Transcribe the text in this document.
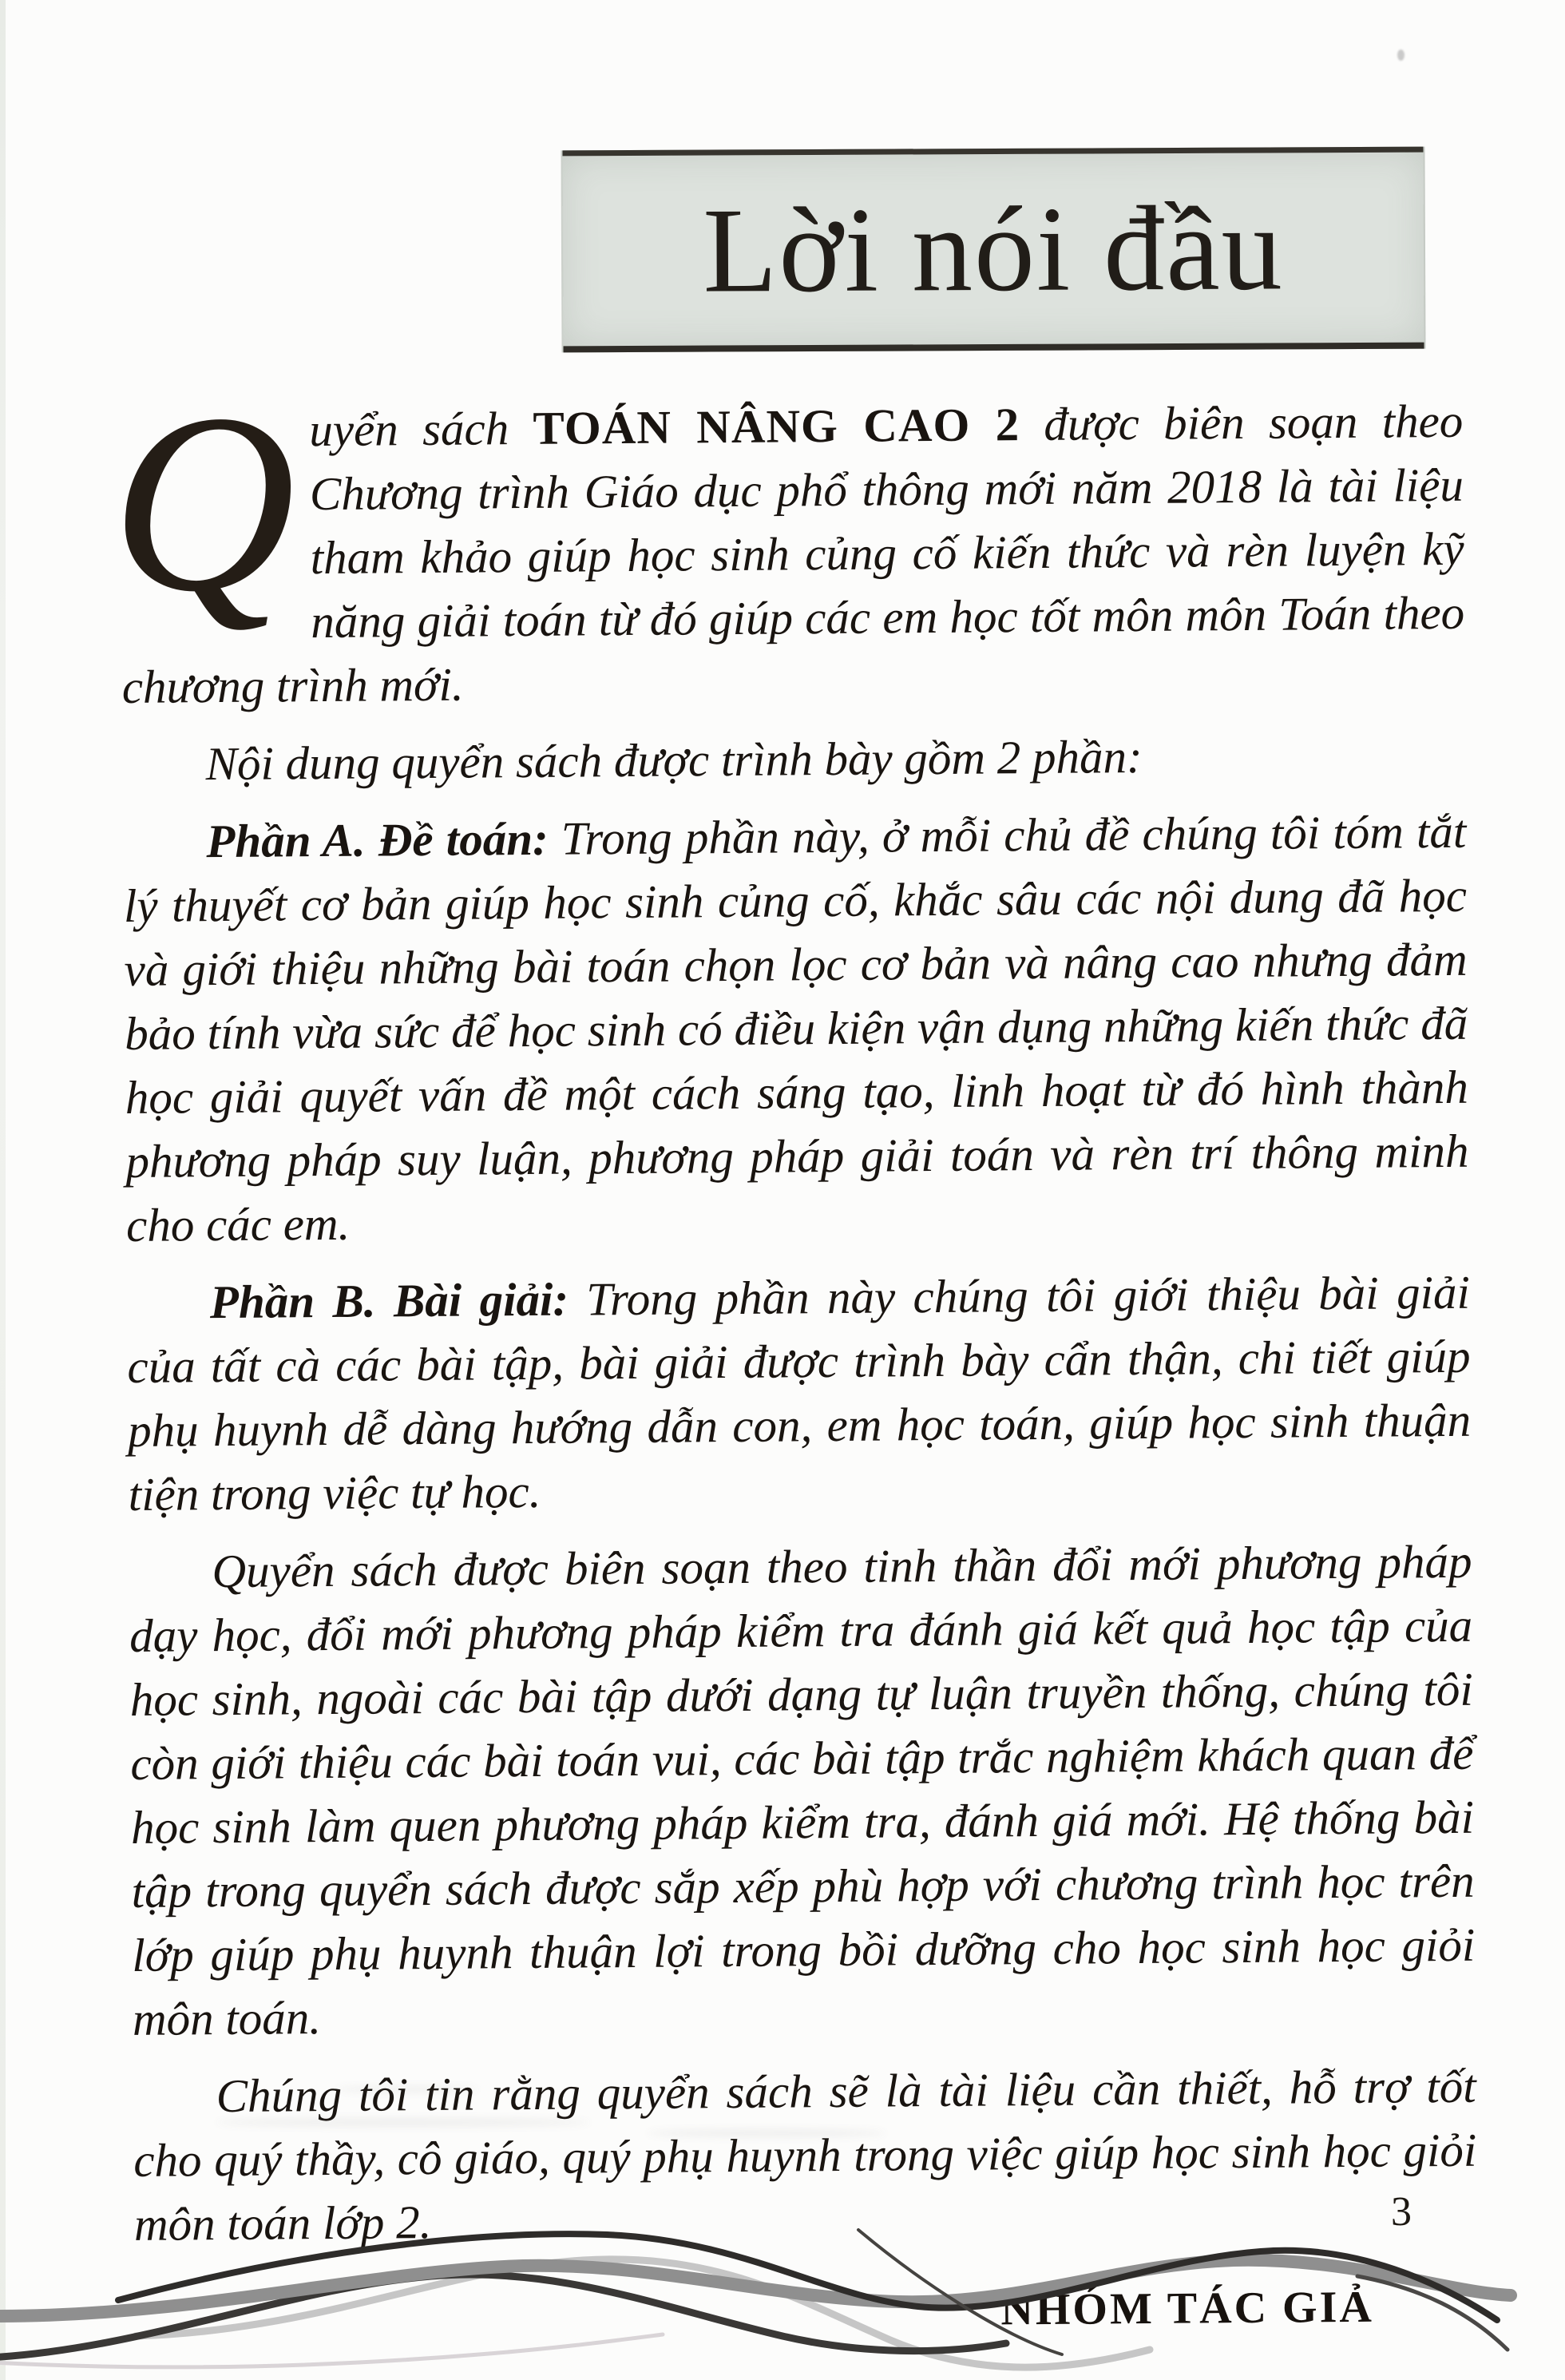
Lời nói đầu

Quyển sách TOÁN NÂNG CAO 2 được biên soạn theo Chương trình Giáo dục phổ thông mới năm 2018 là tài liệu tham khảo giúp học sinh củng cố kiến thức và rèn luyện kỹ năng giải toán từ đó giúp các em học tốt môn môn Toán theo chương trình mới.

Nội dung quyển sách được trình bày gồm 2 phần:

Phần A. Đề toán: Trong phần này, ở mỗi chủ đề chúng tôi tóm tắt lý thuyết cơ bản giúp học sinh củng cố, khắc sâu các nội dung đã học và giới thiệu những bài toán chọn lọc cơ bản và nâng cao nhưng đảm bảo tính vừa sức để học sinh có điều kiện vận dụng những kiến thức đã học giải quyết vấn đề một cách sáng tạo, linh hoạt từ đó hình thành phương pháp suy luận, phương pháp giải toán và rèn trí thông minh cho các em.

Phần B. Bài giải: Trong phần này chúng tôi giới thiệu bài giải của tất cà các bài tập, bài giải được trình bày cẩn thận, chi tiết giúp phụ huynh dễ dàng hướng dẫn con, em học toán, giúp học sinh thuận tiện trong việc tự học.

Quyển sách được biên soạn theo tinh thần đổi mới phương pháp dạy học, đổi mới phương pháp kiểm tra đánh giá kết quả học tập của học sinh, ngoài các bài tập dưới dạng tự luận truyền thống, chúng tôi còn giới thiệu các bài toán vui, các bài tập trắc nghiệm khách quan để học sinh làm quen phương pháp kiểm tra, đánh giá mới. Hệ thống bài tập trong quyển sách được sắp xếp phù hợp với chương trình học trên lớp giúp phụ huynh thuận lợi trong bồi dưỡng cho học sinh học giỏi môn toán.

Chúng tôi tin rằng quyển sách sẽ là tài liệu cần thiết, hỗ trợ tốt cho quý thầy, cô giáo, quý phụ huynh trong việc giúp học sinh học giỏi môn toán lớp 2.

NHÓM TÁC GIẢ
3
